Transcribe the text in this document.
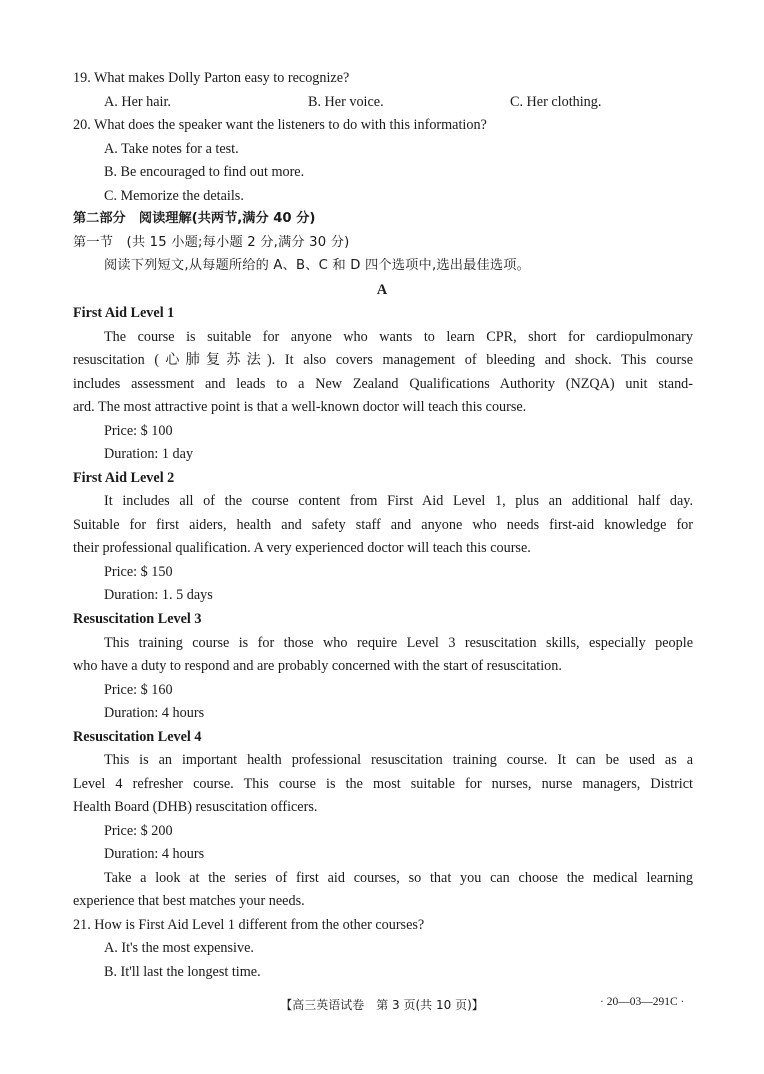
19. What makes Dolly Parton easy to recognize?
A. Her hair.	B. Her voice.	C. Her clothing.
20. What does the speaker want the listeners to do with this information?
A. Take notes for a test.
B. Be encouraged to find out more.
C. Memorize the details.
第二部分　阅读理解(共两节,满分 40 分)
第一节　(共 15 小题;每小题 2 分,满分 30 分)
阅读下列短文,从每题所给的 A、B、C 和 D 四个选项中,选出最佳选项。
A
First Aid Level 1
The course is suitable for anyone who wants to learn CPR, short for cardiopulmonary
resuscitation (心肺复苏法). It also covers management of bleeding and shock. This course
includes assessment and leads to a New Zealand Qualifications Authority (NZQA) unit stand-
ard. The most attractive point is that a well-known doctor will teach this course.
Price: $ 100
Duration: 1 day
First Aid Level 2
It includes all of the course content from First Aid Level 1, plus an additional half day.
Suitable for first aiders, health and safety staff and anyone who needs first-aid knowledge for
their professional qualification. A very experienced doctor will teach this course.
Price: $ 150
Duration: 1. 5 days
Resuscitation Level 3
This training course is for those who require Level 3 resuscitation skills, especially people
who have a duty to respond and are probably concerned with the start of resuscitation.
Price: $ 160
Duration: 4 hours
Resuscitation Level 4
This is an important health professional resuscitation training course. It can be used as a
Level 4 refresher course. This course is the most suitable for nurses, nurse managers, District
Health Board (DHB) resuscitation officers.
Price: $ 200
Duration: 4 hours
Take a look at the series of first aid courses, so that you can choose the medical learning
experience that best matches your needs.
21. How is First Aid Level 1 different from the other courses?
A. It's the most expensive.
B. It'll last the longest time.
【高三英语试卷　第 3 页(共 10 页)】	· 20—03—291C ·
